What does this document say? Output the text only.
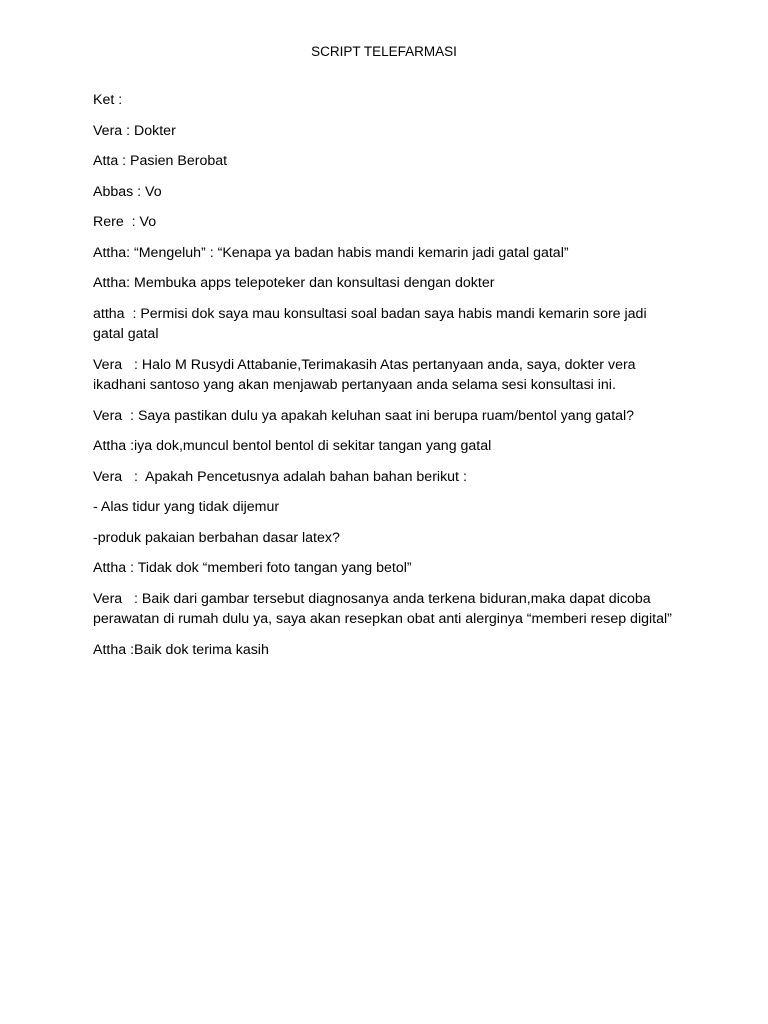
SCRIPT TELEFARMASI

Ket :

Vera : Dokter

Atta : Pasien Berobat

Abbas : Vo

Rere  : Vo

Attha: “Mengeluh” : “Kenapa ya badan habis mandi kemarin jadi gatal gatal”

Attha: Membuka apps telepoteker dan konsultasi dengan dokter

attha  : Permisi dok saya mau konsultasi soal badan saya habis mandi kemarin sore jadi gatal gatal

Vera   : Halo M Rusydi Attabanie,Terimakasih Atas pertanyaan anda, saya, dokter vera ikadhani santoso yang akan menjawab pertanyaan anda selama sesi konsultasi ini.

Vera  : Saya pastikan dulu ya apakah keluhan saat ini berupa ruam/bentol yang gatal?

Attha :iya dok,muncul bentol bentol di sekitar tangan yang gatal

Vera   :  Apakah Pencetusnya adalah bahan bahan berikut :

- Alas tidur yang tidak dijemur

-produk pakaian berbahan dasar latex?

Attha : Tidak dok “memberi foto tangan yang betol”

Vera   : Baik dari gambar tersebut diagnosanya anda terkena biduran,maka dapat dicoba perawatan di rumah dulu ya, saya akan resepkan obat anti alerginya “memberi resep digital”

Attha :Baik dok terima kasih
